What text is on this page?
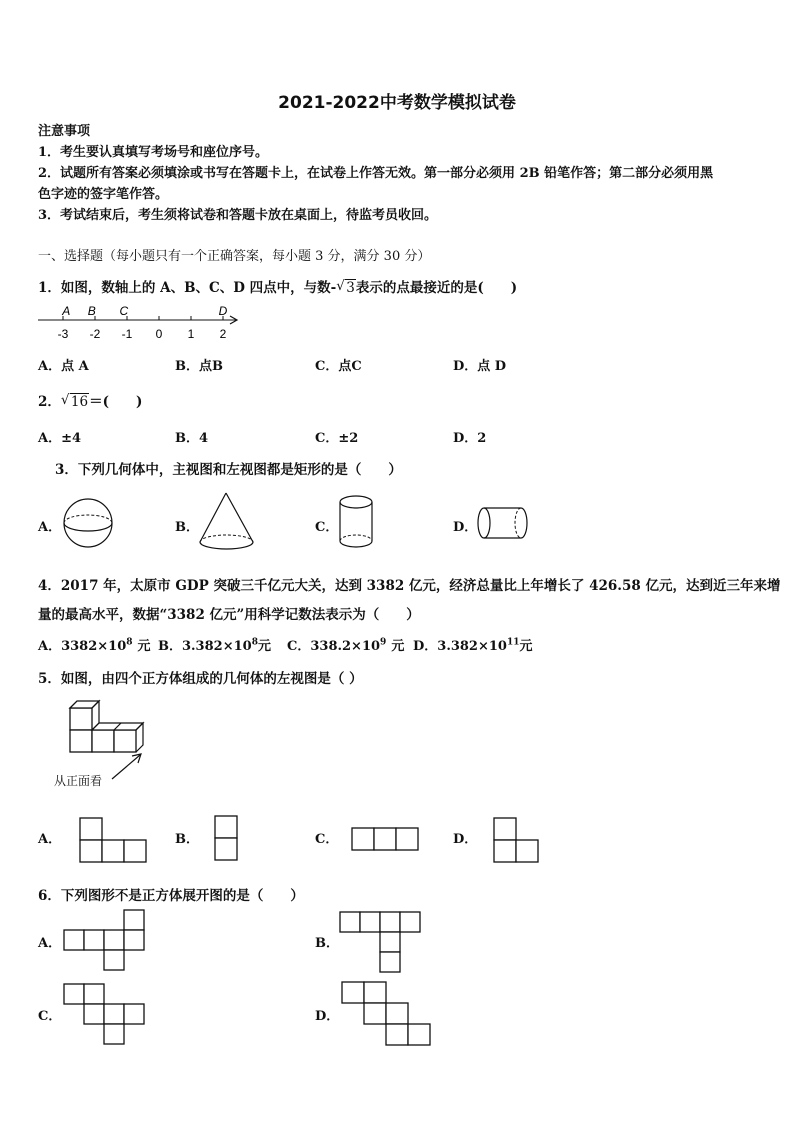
2021-2022中考数学模拟试卷
注意事项
1．考生要认真填写考场号和座位序号。
2．试题所有答案必须填涂或书写在答题卡上，在试卷上作答无效。第一部分必须用 2B 铅笔作答；第二部分必须用黑
色字迹的签字笔作答。
3．考试结束后，考生须将试卷和答题卡放在桌面上，待监考员收回。
一、选择题（每小题只有一个正确答案，每小题 3 分，满分 30 分）
1．如图，数轴上的 A、B、C、D 四点中，与数- √ 3表示的点最接近的是(　　)
-3 -2 -1 0 1 2
A B C	D
A．点 A	B．点B	C．点C	D．点 D
2． √ 16＝(　　)
A．±4	B．4	C．±2	D．2
3．下列几何体中，主视图和左视图都是矩形的是（　　）
A．	B．	C．	D．
4．2017 年，太原市 GDP 突破三千亿元大关，达到 3382 亿元，经济总量比上年增长了 426.58 亿元，达到近三年来增
量的最高水平，数据“3382 亿元”用科学记数法表示为（　　）
A．$3382\times 10^8$ 元 B．$3.382\times 10^8$元 C．$338.2\times 10^9$ 元 D．$3.382\times 10^{11}$元
5．如图，由四个正方体组成的几何体的左视图是（ ）
从正面看
A．	B．	C．	D．
6．下列图形不是正方体展开图的是（　　）
A．	B．
C．	D．
